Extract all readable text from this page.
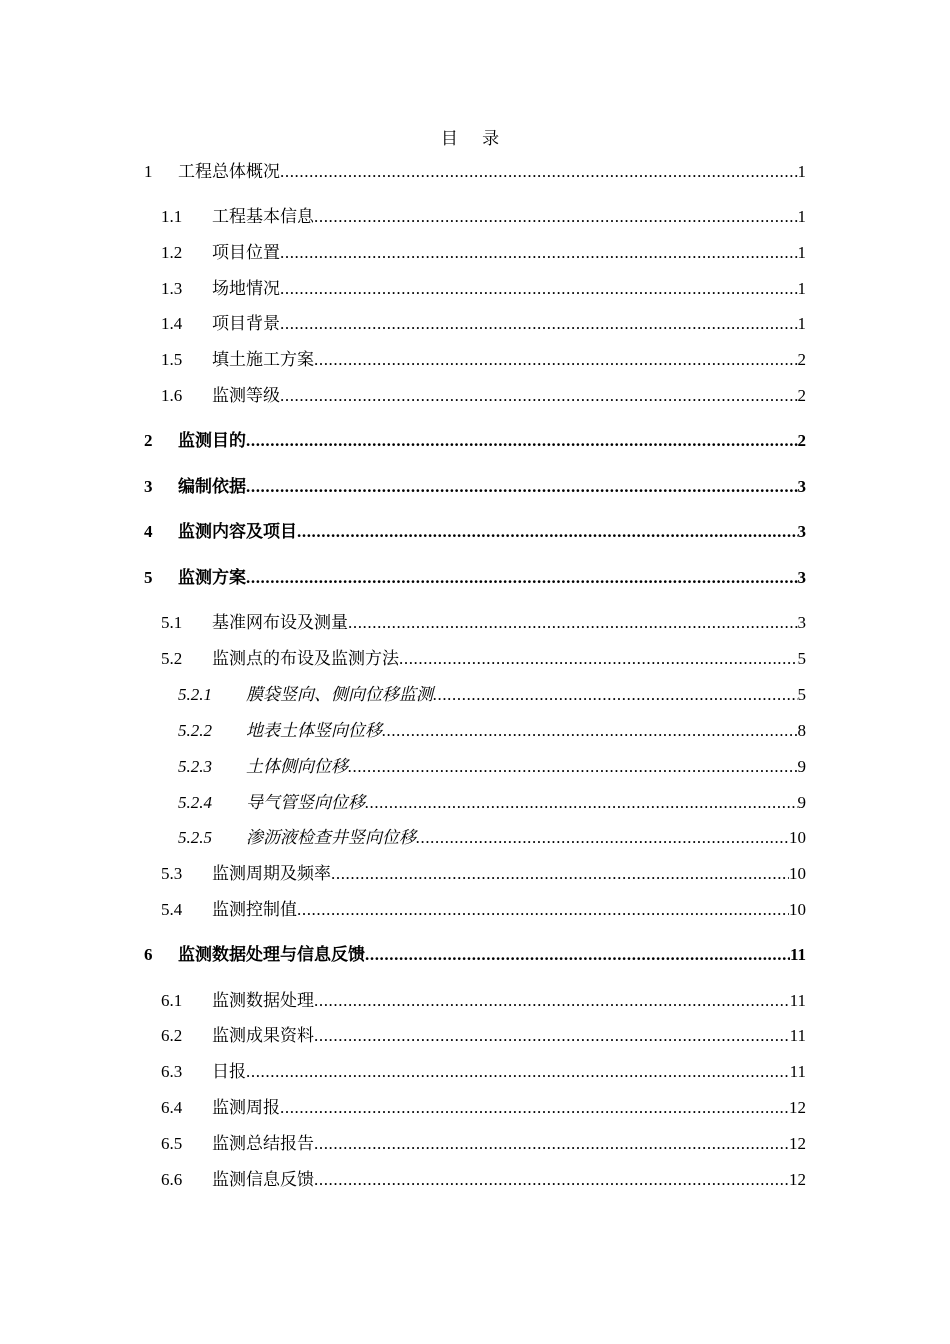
目 录
1 工程总体概况 .....	1
1.1 工程基本信息 .....	1
1.2 项目位置 .....	1
1.3 场地情况 .....	1
1.4 项目背景 .....	1
1.5 填土施工方案 .....	2
1.6 监测等级 .....	2
2 监测目的 .....	2
3 编制依据 .....	3
4 监测内容及项目 .....	3
5 监测方案 .....	3
5.1 基准网布设及测量 .....	3
5.2 监测点的布设及监测方法 .....	5
5.2.1 膜袋竖向、侧向位移监测 .....	5
5.2.2 地表土体竖向位移 .....	8
5.2.3 土体侧向位移 .....	9
5.2.4 导气管竖向位移 .....	9
5.2.5 渗沥液检查井竖向位移 .....	10
5.3 监测周期及频率 .....	10
5.4 监测控制值 .....	10
6 监测数据处理与信息反馈 .....	11
6.1 监测数据处理 .....	11
6.2 监测成果资料 .....	11
6.3 日报 .....	11
6.4 监测周报 .....	12
6.5 监测总结报告 .....	12
6.6 监测信息反馈 .....	12
